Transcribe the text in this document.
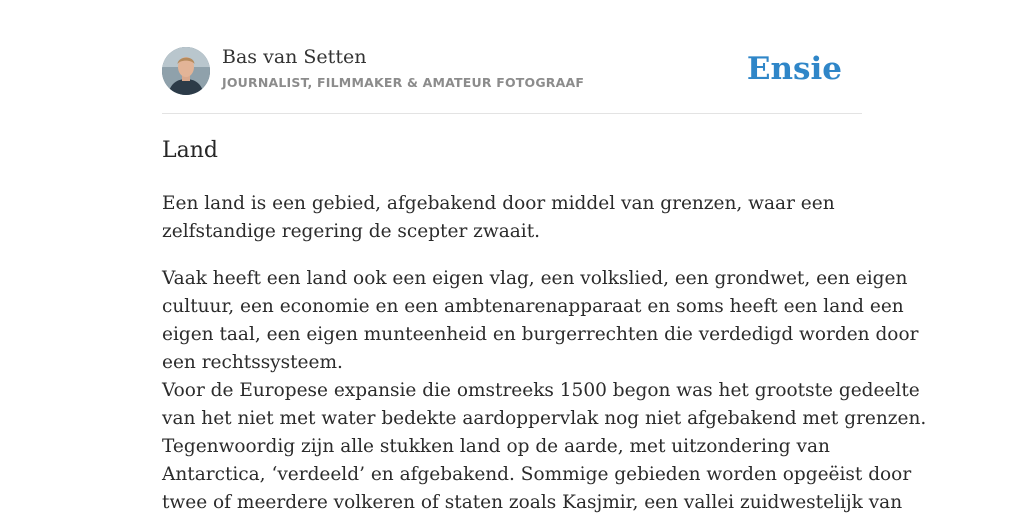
Bas van Setten
JOURNALIST, FILMMAKER & AMATEUR FOTOGRAAF	Ensie
Land

Een land is een gebied, afgebakend door middel van grenzen, waar een
zelfstandige regering de scepter zwaait.

Vaak heeft een land ook een eigen vlag, een volkslied, een grondwet, een eigen
cultuur, een economie en een ambtenarenapparaat en soms heeft een land een
eigen taal, een eigen munteenheid en burgerrechten die verdedigd worden door
een rechtssysteem.
Voor de Europese expansie die omstreeks 1500 begon was het grootste gedeelte
van het niet met water bedekte aardoppervlak nog niet afgebakend met grenzen.
Tegenwoordig zijn alle stukken land op de aarde, met uitzondering van
Antarctica, ‘verdeeld’ en afgebakend. Sommige gebieden worden opgeëist door
twee of meerdere volkeren of staten zoals Kasjmir, een vallei zuidwestelijk van
